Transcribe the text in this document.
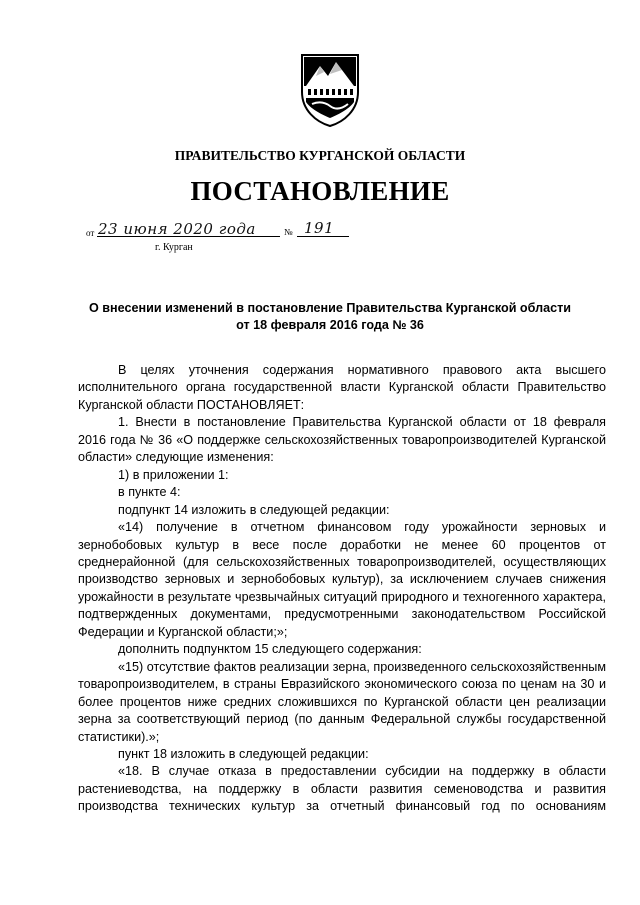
ПРАВИТЕЛЬСТВО КУРГАНСКОЙ ОБЛАСТИ
ПОСТАНОВЛЕНИЕ
от 23 июня 2020 года	№ 191
г. Курган
О внесении изменений в постановление Правительства Курганской области
от 18 февраля 2016 года № 36

В целях уточнения содержания нормативного правового акта высшего исполнительного органа государственной власти Курганской области Правительство Курганской области ПОСТАНОВЛЯЕТ:

1. Внести в постановление Правительства Курганской области от 18 февраля 2016 года № 36 «О поддержке сельскохозяйственных товаропроизводителей Курганской области» следующие изменения:

1) в приложении 1:

в пункте 4:

подпункт 14 изложить в следующей редакции:

«14) получение в отчетном финансовом году урожайности зерновых и зернобобовых культур в весе после доработки не менее 60 процентов от среднерайонной (для сельскохозяйственных товаропроизводителей, осуществляющих производство зерновых и зернобобовых культур), за исключением случаев снижения урожайности в результате чрезвычайных ситуаций природного и техногенного характера, подтвержденных документами, предусмотренными законодательством Российской Федерации и Курганской области;»;

дополнить подпунктом 15 следующего содержания:

«15) отсутствие фактов реализации зерна, произведенного сельскохозяйственным товаропроизводителем, в страны Евразийского экономического союза по ценам на 30 и более процентов ниже средних сложившихся по Курганской области цен реализации зерна за соответствующий период (по данным Федеральной службы государственной статистики).»;

пункт 18 изложить в следующей редакции:

«18. В случае отказа в предоставлении субсидии на поддержку в области растениеводства, на поддержку в области развития семеноводства и развития производства технических культур за отчетный финансовый год по основаниям
